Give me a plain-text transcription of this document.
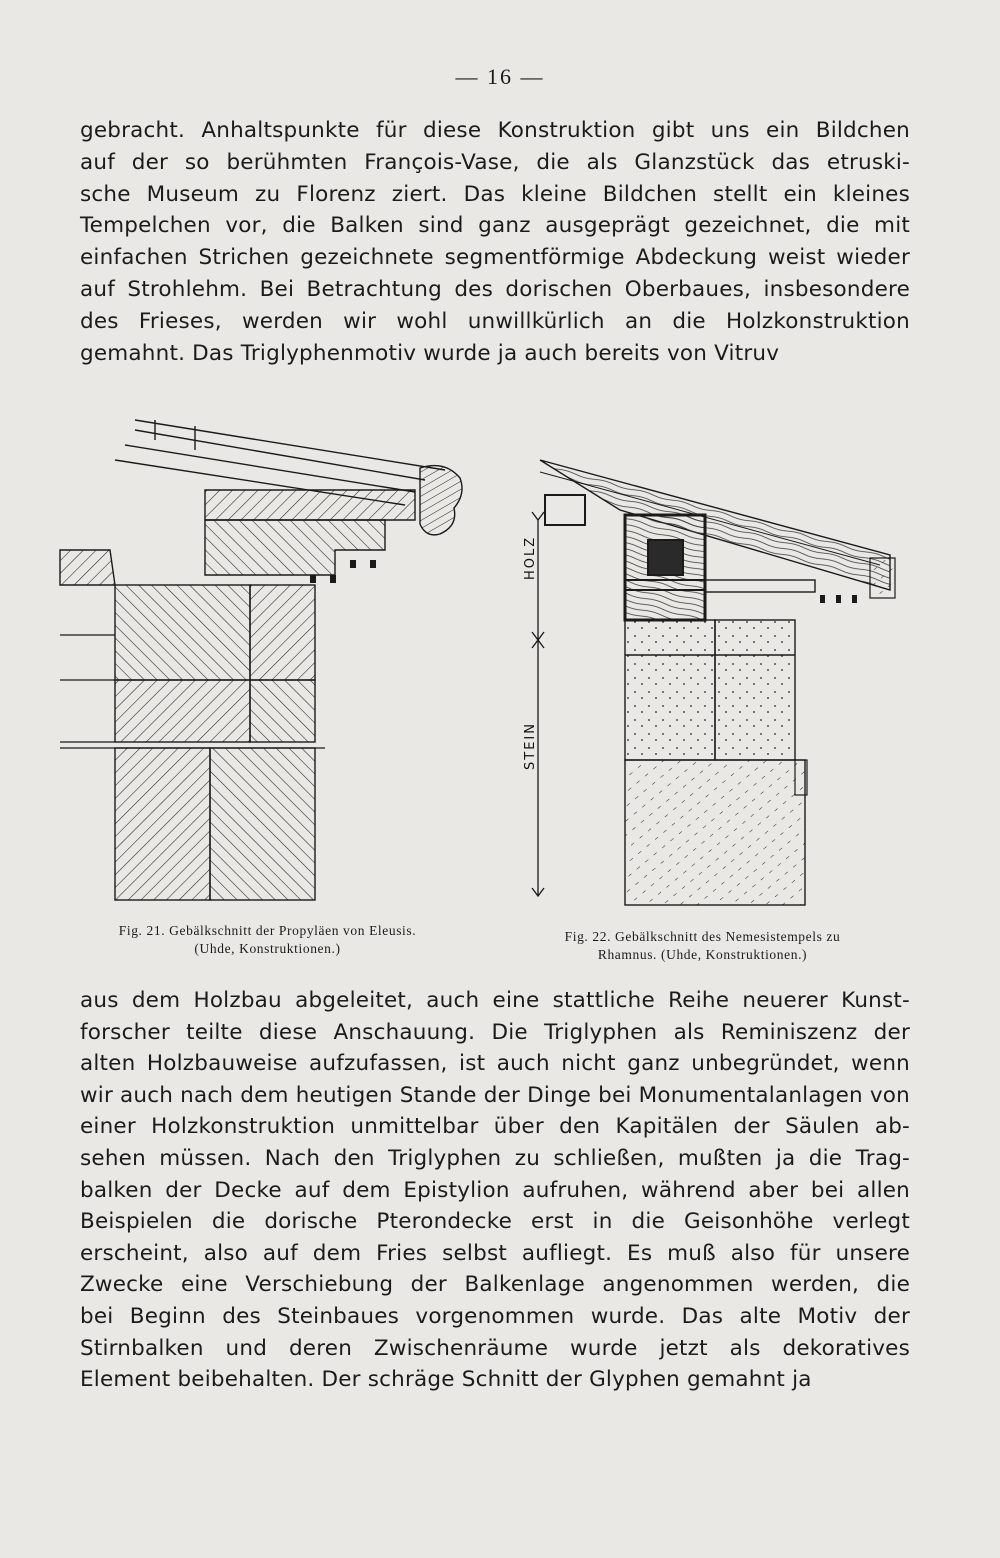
— 16 —
gebracht. Anhaltspunkte für diese Konstruktion gibt uns ein Bildchen
auf der so berühmten François-Vase, die als Glanzstück das etruski-
sche Museum zu Florenz ziert. Das kleine Bildchen stellt ein kleines
Tempelchen vor, die Balken sind ganz ausgeprägt gezeichnet, die mit
einfachen Strichen gezeichnete segmentförmige Abdeckung weist wieder
auf Strohlehm. Bei Betrachtung des dorischen Oberbaues, insbesondere
des Frieses, werden wir wohl unwillkürlich an die Holzkonstruktion
gemahnt. Das Triglyphenmotiv wurde ja auch bereits von Vitruv
HOLZ
STEIN
Fig. 21. Gebälkschnitt der Propyläen von Eleusis.
(Uhde, Konstruktionen.)
Fig. 22. Gebälkschnitt des Nemesistempels zu
Rhamnus. (Uhde, Konstruktionen.)
aus dem Holzbau abgeleitet, auch eine stattliche Reihe neuerer Kunst-
forscher teilte diese Anschauung. Die Triglyphen als Reminiszenz der
alten Holzbauweise aufzufassen, ist auch nicht ganz unbegründet, wenn
wir auch nach dem heutigen Stande der Dinge bei Monumentalanlagen von
einer Holzkonstruktion unmittelbar über den Kapitälen der Säulen ab-
sehen müssen. Nach den Triglyphen zu schließen, mußten ja die Trag-
balken der Decke auf dem Epistylion aufruhen, während aber bei allen
Beispielen die dorische Pterondecke erst in die Geisonhöhe verlegt
erscheint, also auf dem Fries selbst aufliegt. Es muß also für unsere
Zwecke eine Verschiebung der Balkenlage angenommen werden, die
bei Beginn des Steinbaues vorgenommen wurde. Das alte Motiv der
Stirnbalken und deren Zwischenräume wurde jetzt als dekoratives
Element beibehalten. Der schräge Schnitt der Glyphen gemahnt ja
